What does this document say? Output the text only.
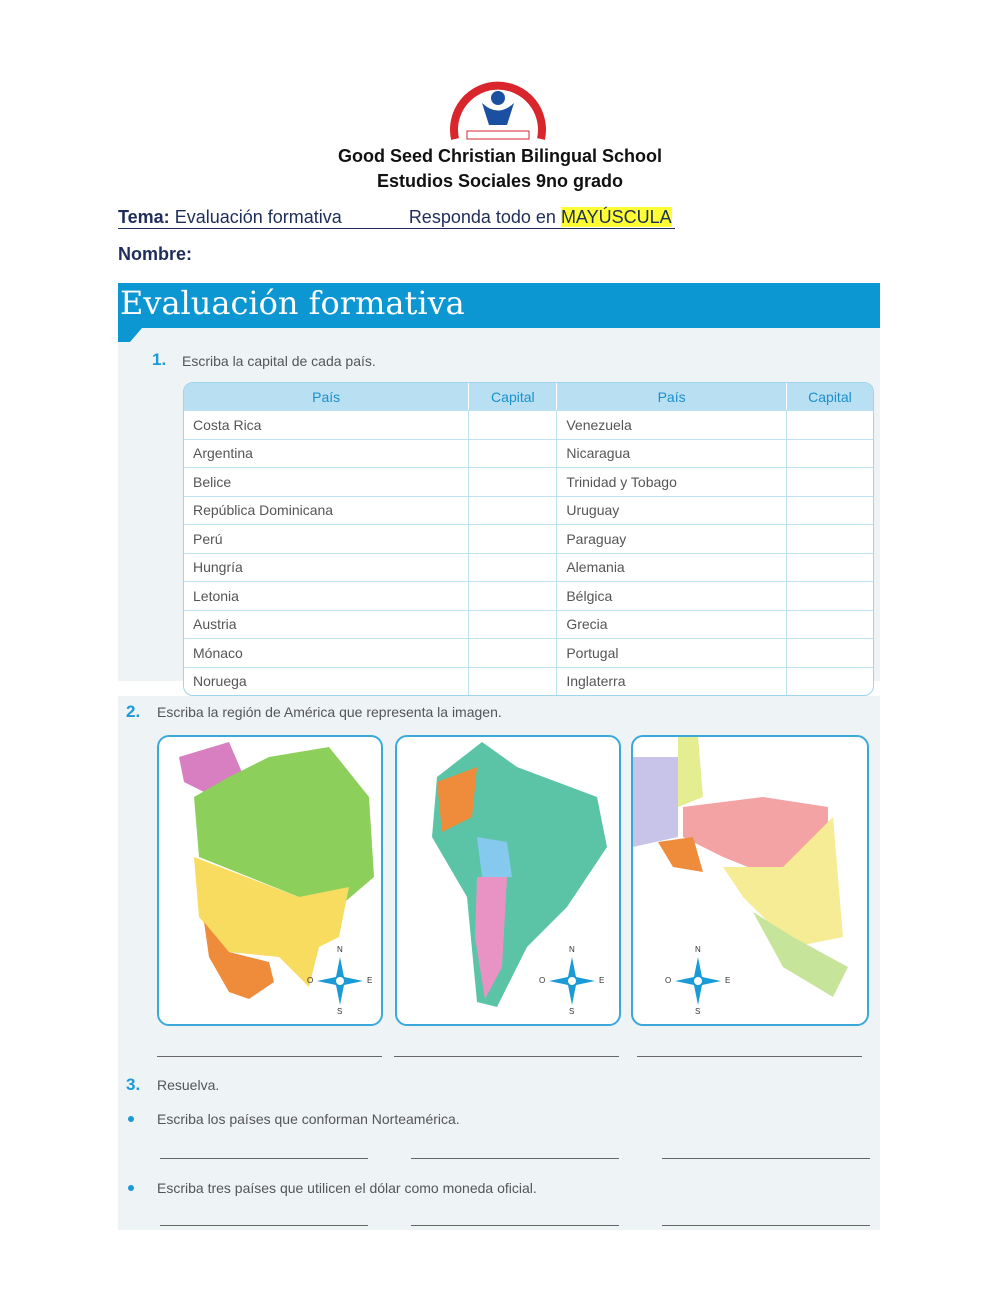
Good Seed Christian Bilingual School
Estudios Sociales 9no grado
Tema: Evaluación formativa	Responda todo en MAYÚSCULA
Nombre:
Evaluación formativa
1. Escriba la capital de cada país.
País	Capital	País	Capital
Costa Rica		Venezuela	
Argentina		Nicaragua	
Belice		Trinidad y Tobago	
República Dominicana		Uruguay	
Perú		Paraguay	
Hungría		Alemania	
Letonia		Bélgica	
Austria		Grecia	
Mónaco		Portugal	
Noruega		Inglaterra	
2. Escriba la región de América que representa la imagen.
N
S
E
O
N
S
E
O
N
S
E
O
3. Resuelva.
Escriba los países que conforman Norteamérica.
Escriba tres países que utilicen el dólar como moneda oficial.
